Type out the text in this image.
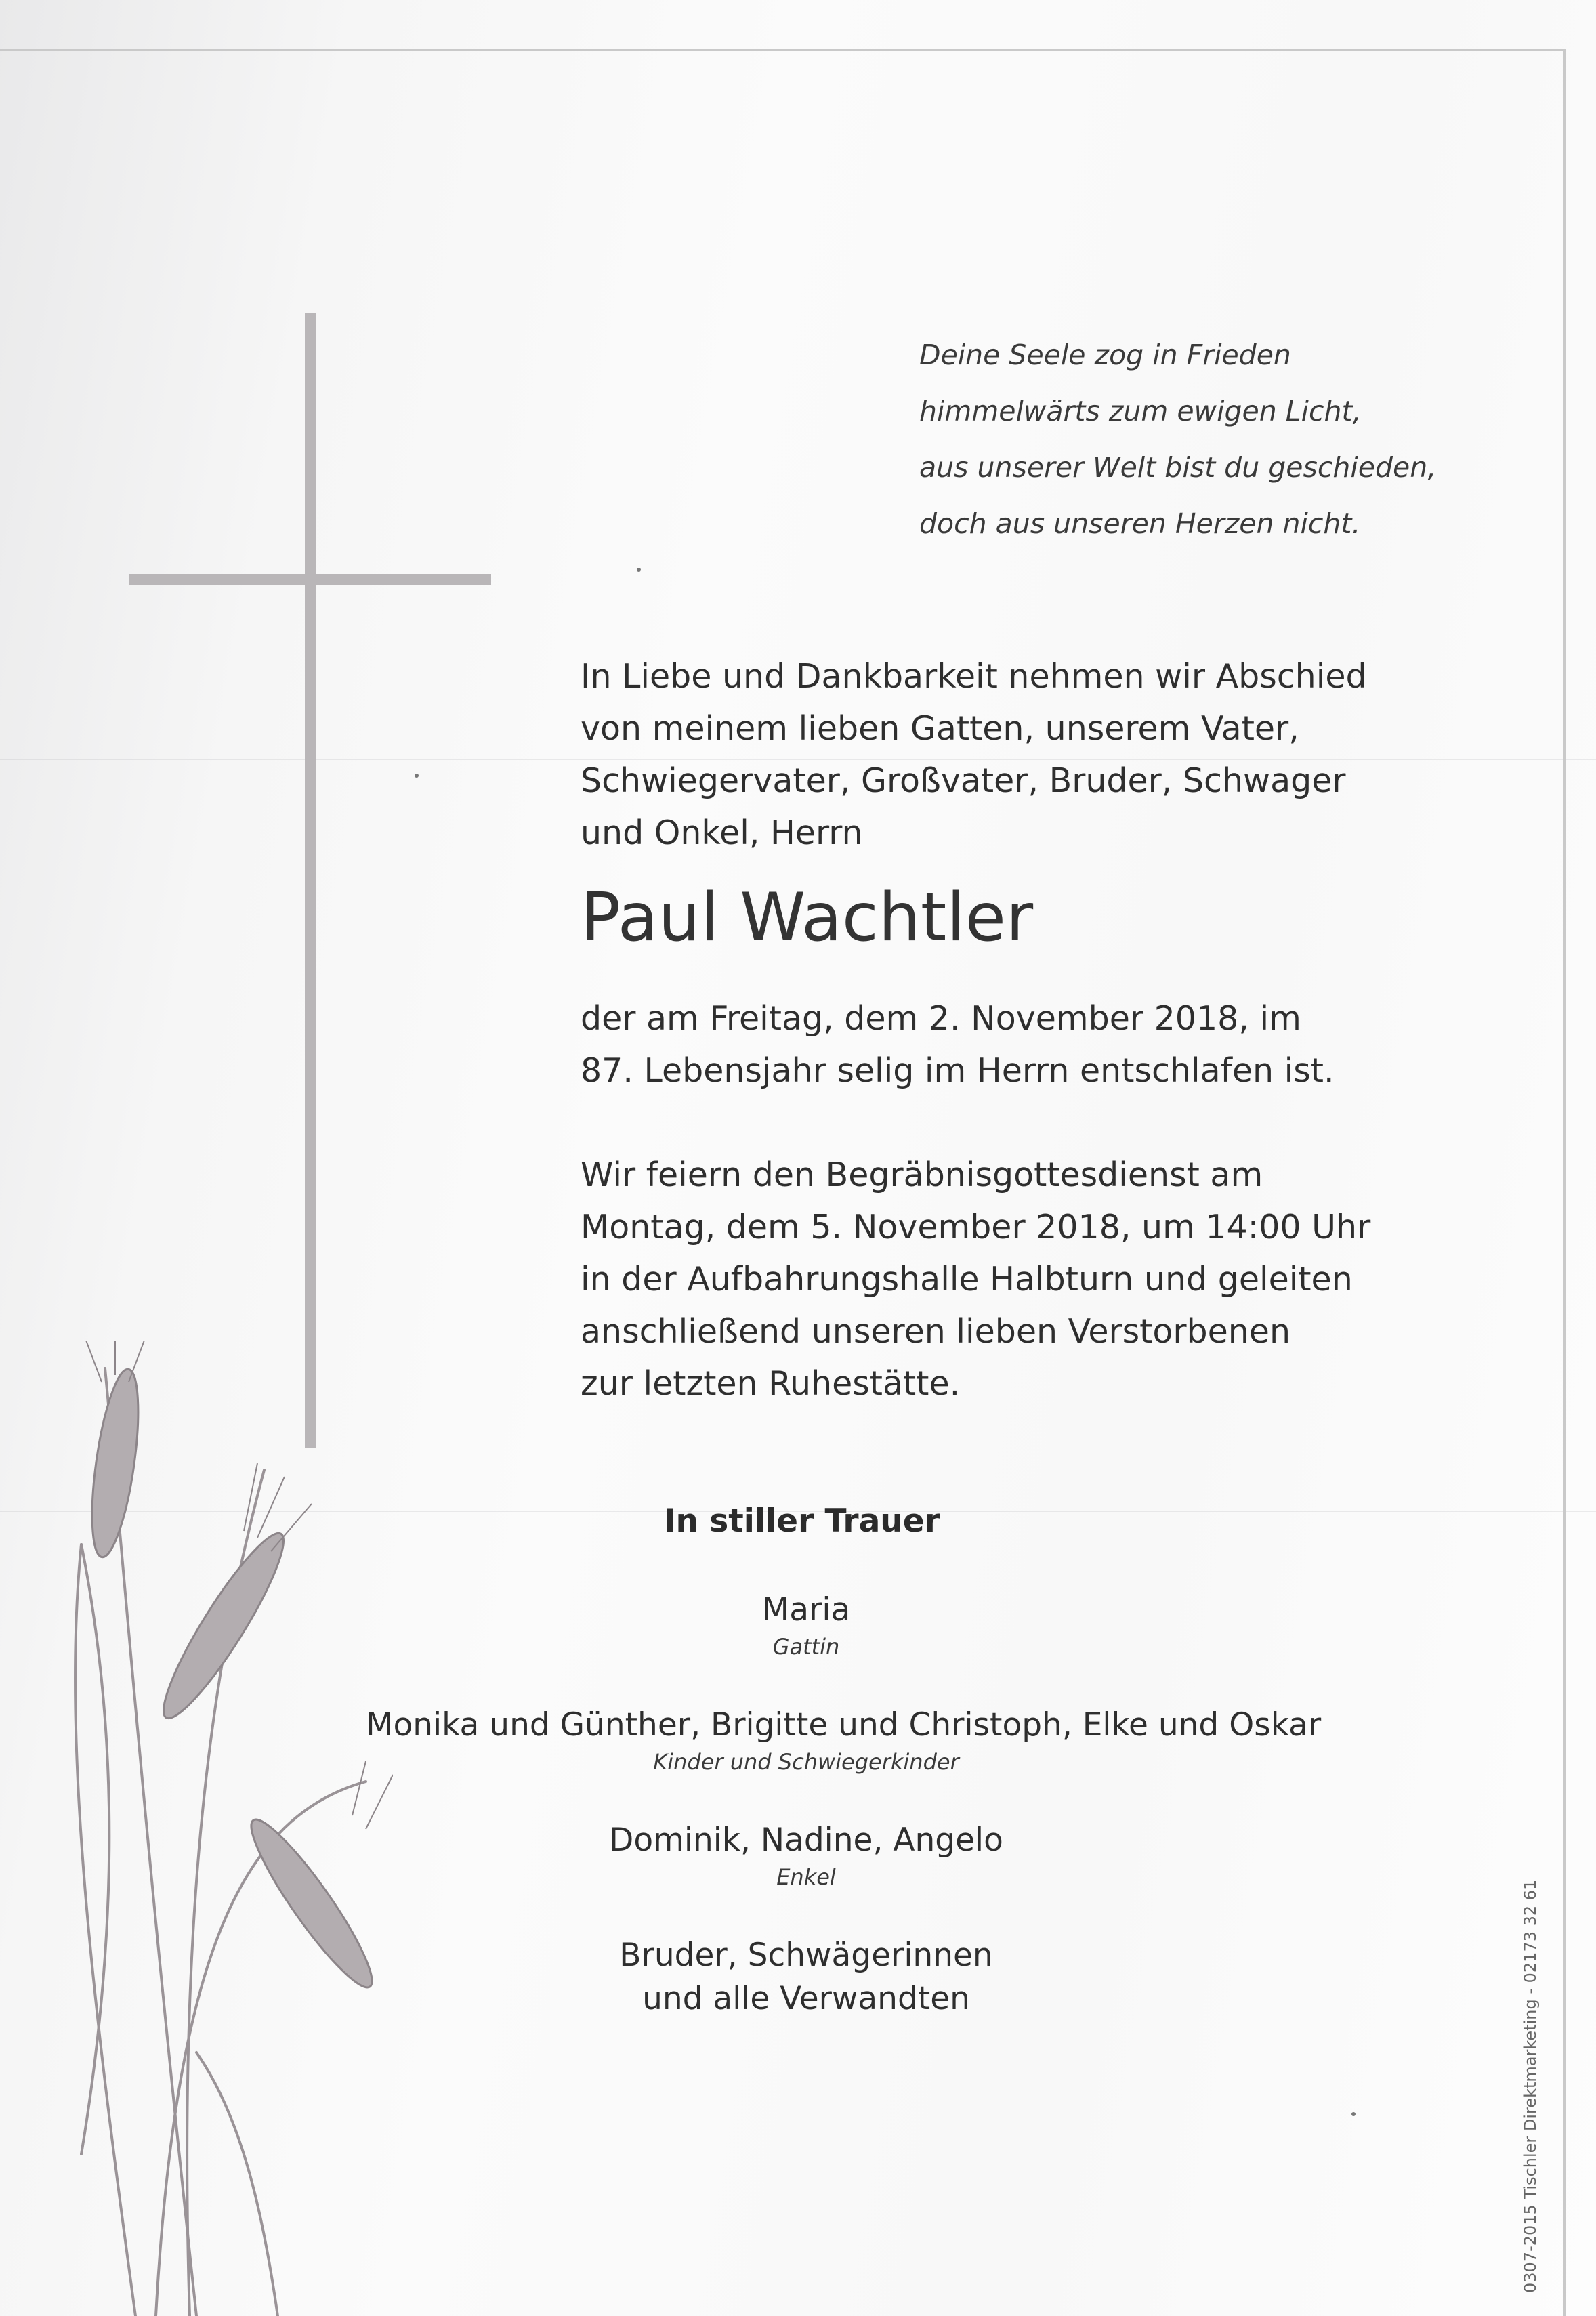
Deine Seele zog in Frieden
himmelwärts zum ewigen Licht,
aus unserer Welt bist du geschieden,
doch aus unseren Herzen nicht.
In Liebe und Dankbarkeit nehmen wir Abschied
von meinem lieben Gatten, unserem Vater,
Schwiegervater, Großvater, Bruder, Schwager
und Onkel, Herrn
Paul Wachtler
der am Freitag, dem 2. November 2018, im
87. Lebensjahr selig im Herrn entschlafen ist.
Wir feiern den Begräbnisgottesdienst am
Montag, dem 5. November 2018, um 14:00 Uhr
in der Aufbahrungshalle Halbturn und geleiten
anschließend unseren lieben Verstorbenen
zur letzten Ruhestätte.
In stiller Trauer
Maria
Gattin
Monika und Günther, Brigitte und Christoph, Elke und Oskar
Kinder und Schwiegerkinder
Dominik, Nadine, Angelo
Enkel
Bruder, Schwägerinnen
und alle Verwandten	0307-2015 Tischler Direktmarketing - 02173 32 61
